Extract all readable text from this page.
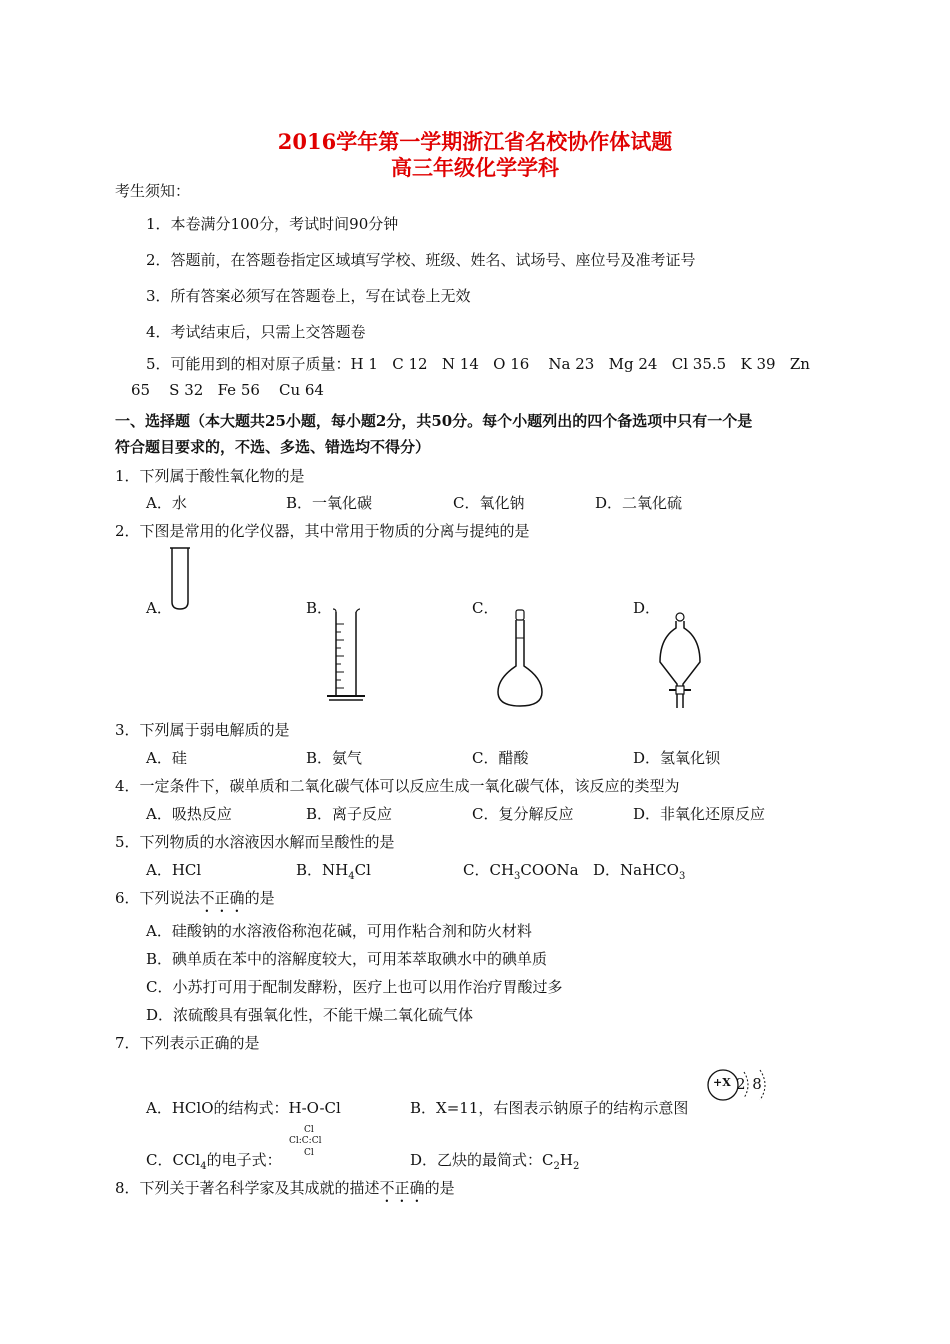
2016学年第一学期浙江省名校协作体试题
高三年级化学学科
考生须知：
1．本卷满分100分，考试时间90分钟
2．答题前，在答题卷指定区域填写学校、班级、姓名、试场号、座位号及准考证号
3．所有答案必须写在答题卷上，写在试卷上无效
4．考试结束后，只需上交答题卷
5．可能用到的相对原子质量：H 1   C 12   N 14   O 16    Na 23   Mg 24   Cl 35.5   K 39   Zn
65    S 32   Fe 56    Cu 64
一、选择题（本大题共25小题，每小题2分，共50分。每个小题列出的四个备选项中只有一个是
符合题目要求的，不选、多选、错选均不得分）
1．下列属于酸性氧化物的是
A．水	B．一氧化碳	C．氧化钠	D．二氧化硫
2．下图是常用的化学仪器，其中常用于物质的分离与提纯的是
A．	B．	C．	D．
3．下列属于弱电解质的是
A．硅	B．氨气	C．醋酸	D．氢氧化钡
4．一定条件下，碳单质和二氧化碳气体可以反应生成一氧化碳气体，该反应的类型为
A．吸热反应	B．离子反应	C．复分解反应	D．非氧化还原反应
5．下列物质的水溶液因水解而呈酸性的是
A．HCl	B．$NH_4Cl$	C．$CH_3COONa$ D．NaHCO$_3$
6．下列说法不正确的是
A．硅酸钠的水溶液俗称泡花碱，可用作粘合剂和防火材料
B．碘单质在苯中的溶解度较大，可用苯萃取碘水中的碘单质
C．小苏打可用于配制发酵粉，医疗上也可以用作治疗胃酸过多
D．浓硫酸具有强氧化性，不能干燥二氧化硫气体
7．下列表示正确的是
A．HClO的结构式：H-O-Cl	B．X=11，右图表示钠原子的结构示意图
+X 2 8
Cl
Cl:C:Cl
Cl
C．CCl$_4$的电子式：	D．乙炔的最简式：$C_2H_2$
8．下列关于著名科学家及其成就的描述不正确的是
